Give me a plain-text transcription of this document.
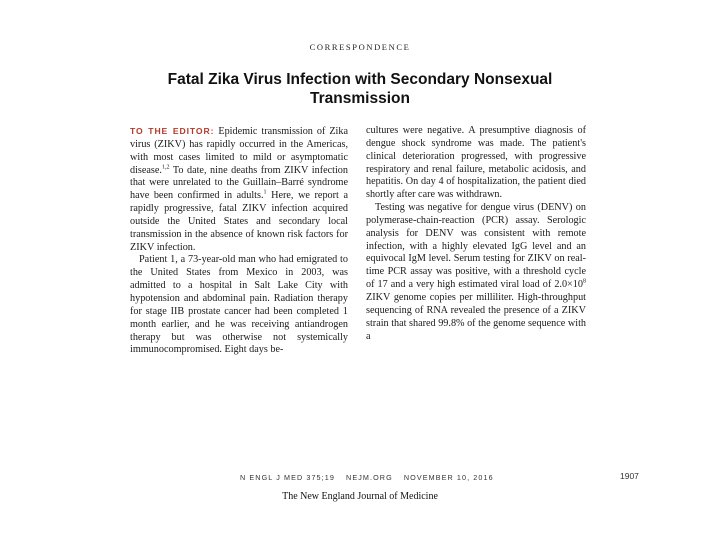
CORRESPONDENCE
Fatal Zika Virus Infection with Secondary Nonsexual Transmission

TO THE EDITOR: Epidemic transmission of Zika virus (ZIKV) has rapidly occurred in the Americas, with most cases limited to mild or asymptomatic disease.$^{1,2}$ To date, nine deaths from ZIKV infection that were unrelated to the Guillain–Barré syndrome have been confirmed in adults.$^1$ Here, we report a rapidly progressive, fatal ZIKV infection acquired outside the United States and secondary local transmission in the absence of known risk factors for ZIKV infection.

Patient 1, a 73-year-old man who had emigrated to the United States from Mexico in 2003, was admitted to a hospital in Salt Lake City with hypotension and abdominal pain. Radiation therapy for stage IIB prostate cancer had been completed 1 month earlier, and he was receiving antiandrogen therapy but was otherwise not systemically immunocompromised. Eight days be-

cultures were negative. A presumptive diagnosis of dengue shock syndrome was made. The patient's clinical deterioration progressed, with progressive respiratory and renal failure, metabolic acidosis, and hepatitis. On day 4 of hospitalization, the patient died shortly after care was withdrawn.

Testing was negative for dengue virus (DENV) on polymerase-chain-reaction (PCR) assay. Serologic analysis for DENV was consistent with remote infection, with a highly elevated IgG level and an equivocal IgM level. Serum testing for ZIKV on real-time PCR assay was positive, with a threshold cycle of 17 and a very high estimated viral load of $2.0\times 10^8$ ZIKV genome copies per milliliter. High-throughput sequencing of RNA revealed the presence of a ZIKV strain that shared 99.8% of the genome sequence with a

N ENGL J MED 375;19 NEJM.ORG NOVEMBER 10, 2016	1907
The New England Journal of Medicine
